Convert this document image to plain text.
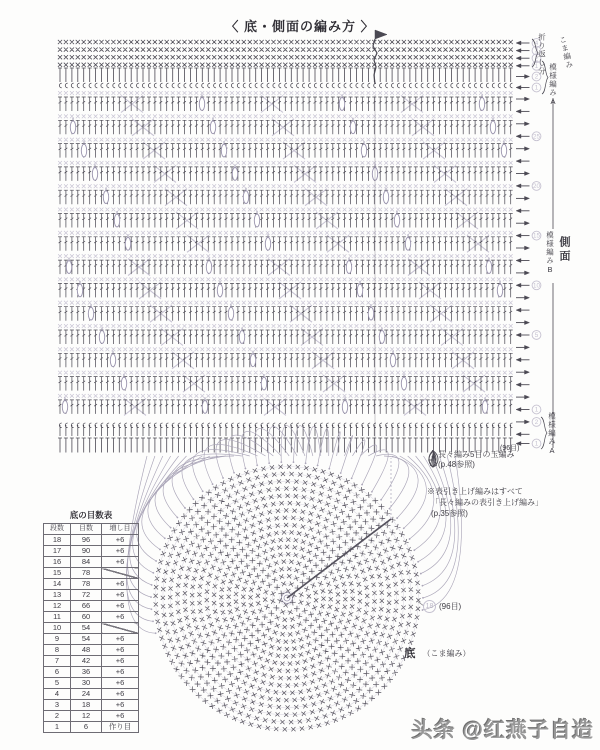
4
3
2
1
2
1
25
20
15
10
5
1
2
1
〈 底・側面の編み方 〉
折り返し分 こま編み
模様編みA
模様編みB 側面
模様編みA
(96目)
＝
長々編み5目の玉編み
(p.48参照)
※表引き上げ編みはすべて
「長々編みの表引き上げ編み」
(p.35参照)
底の目数表
段数	目数	増し目
18	96	+6
17	90	+6
16	84	+6
15	78	
14	78	+6
13	72	+6
12	66	+6
11	60	+6
10	54	
9	54	+6
8	48	+6
7	42	+6
6	36	+6
5	30	+6
4	24	+6
3	18	+6
2	12	+6
1	6	作り目
18 (96目)
底 （こま編み）
头条 @红燕子自造
